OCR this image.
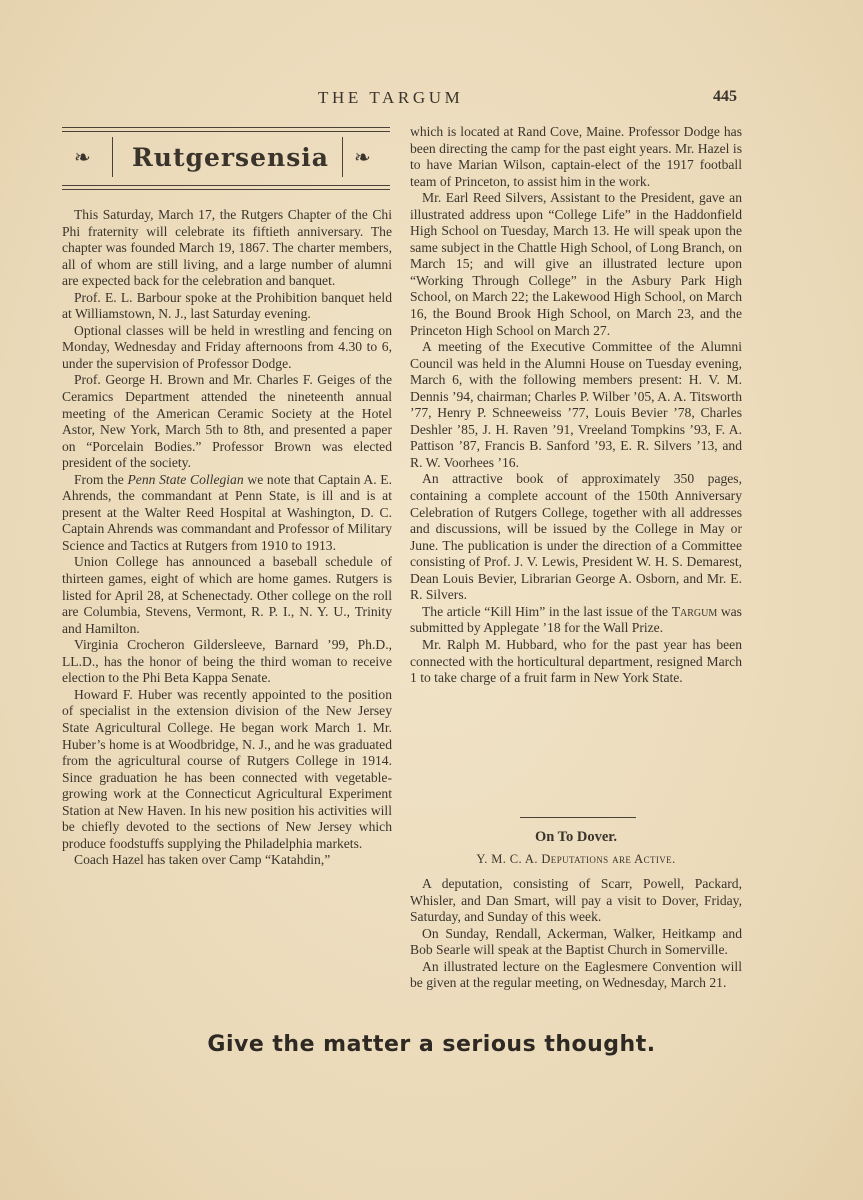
THE TARGUM	445
❧ Rutgersensia	❧

This Saturday, March 17, the Rutgers Chapter of the Chi Phi fraternity will celebrate its fiftieth anniversary. The chapter was founded March 19, 1867. The charter members, all of whom are still living, and a large number of alumni are expected back for the celebration and banquet.

Prof. E. L. Barbour spoke at the Prohibition banquet held at Williamstown, N. J., last Saturday evening.

Optional classes will be held in wrestling and fencing on Monday, Wednesday and Friday afternoons from 4.30 to 6, under the supervision of Professor Dodge.

Prof. George H. Brown and Mr. Charles F. Geiges of the Ceramics Department attended the nineteenth annual meeting of the American Ceramic Society at the Hotel Astor, New York, March 5th to 8th, and presented a paper on “Porcelain Bodies.” Professor Brown was elected president of the society.

From the Penn State Collegian we note that Captain A. E. Ahrends, the commandant at Penn State, is ill and is at present at the Walter Reed Hospital at Washington, D. C. Captain Ahrends was commandant and Professor of Military Science and Tactics at Rutgers from 1910 to 1913.

Union College has announced a baseball schedule of thirteen games, eight of which are home games. Rutgers is listed for April 28, at Schenectady. Other college on the roll are Columbia, Stevens, Vermont, R. P. I., N. Y. U., Trinity and Hamilton.

Virginia Crocheron Gildersleeve, Barnard ’99, Ph.D., LL.D., has the honor of being the third woman to receive election to the Phi Beta Kappa Senate.

Howard F. Huber was recently appointed to the position of specialist in the extension division of the New Jersey State Agricultural College. He began work March 1. Mr. Huber’s home is at Woodbridge, N. J., and he was graduated from the agricultural course of Rutgers College in 1914. Since graduation he has been connected with vegetable-growing work at the Connecticut Agricultural Experiment Station at New Haven. In his new position his activities will be chiefly devoted to the sections of New Jersey which produce foodstuffs supplying the Philadelphia markets.

Coach Hazel has taken over Camp “Katahdin,”

which is located at Rand Cove, Maine. Professor Dodge has been directing the camp for the past eight years. Mr. Hazel is to have Marian Wilson, captain-elect of the 1917 football team of Princeton, to assist him in the work.

Mr. Earl Reed Silvers, Assistant to the President, gave an illustrated address upon “College Life” in the Haddonfield High School on Tuesday, March 13. He will speak upon the same subject in the Chattle High School, of Long Branch, on March 15; and will give an illustrated lecture upon “Working Through College” in the Asbury Park High School, on March 22; the Lakewood High School, on March 16, the Bound Brook High School, on March 23, and the Princeton High School on March 27.

A meeting of the Executive Committee of the Alumni Council was held in the Alumni House on Tuesday evening, March 6, with the following members present: H. V. M. Dennis ’94, chairman; Charles P. Wilber ’05, A. A. Titsworth ’77, Henry P. Schneeweiss ’77, Louis Bevier ’78, Charles Deshler ’85, J. H. Raven ’91, Vreeland Tompkins ’93, F. A. Pattison ’87, Francis B. Sanford ’93, E. R. Silvers ’13, and R. W. Voorhees ’16.

An attractive book of approximately 350 pages, containing a complete account of the 150th Anniversary Celebration of Rutgers College, together with all addresses and discussions, will be issued by the College in May or June. The publication is under the direction of a Committee consisting of Prof. J. V. Lewis, President W. H. S. Demarest, Dean Louis Bevier, Librarian George A. Osborn, and Mr. E. R. Silvers.

The article “Kill Him” in the last issue of the Targum was submitted by Applegate ’18 for the Wall Prize.

Mr. Ralph M. Hubbard, who for the past year has been connected with the horticultural department, resigned March 1 to take charge of a fruit farm in New York State.

On To Dover.
Y. M. C. A. Deputations are Active.

A deputation, consisting of Scarr, Powell, Packard, Whisler, and Dan Smart, will pay a visit to Dover, Friday, Saturday, and Sunday of this week.

On Sunday, Rendall, Ackerman, Walker, Heitkamp and Bob Searle will speak at the Baptist Church in Somerville.

An illustrated lecture on the Eaglesmere Convention will be given at the regular meeting, on Wednesday, March 21.

Give the matter a serious thought.
